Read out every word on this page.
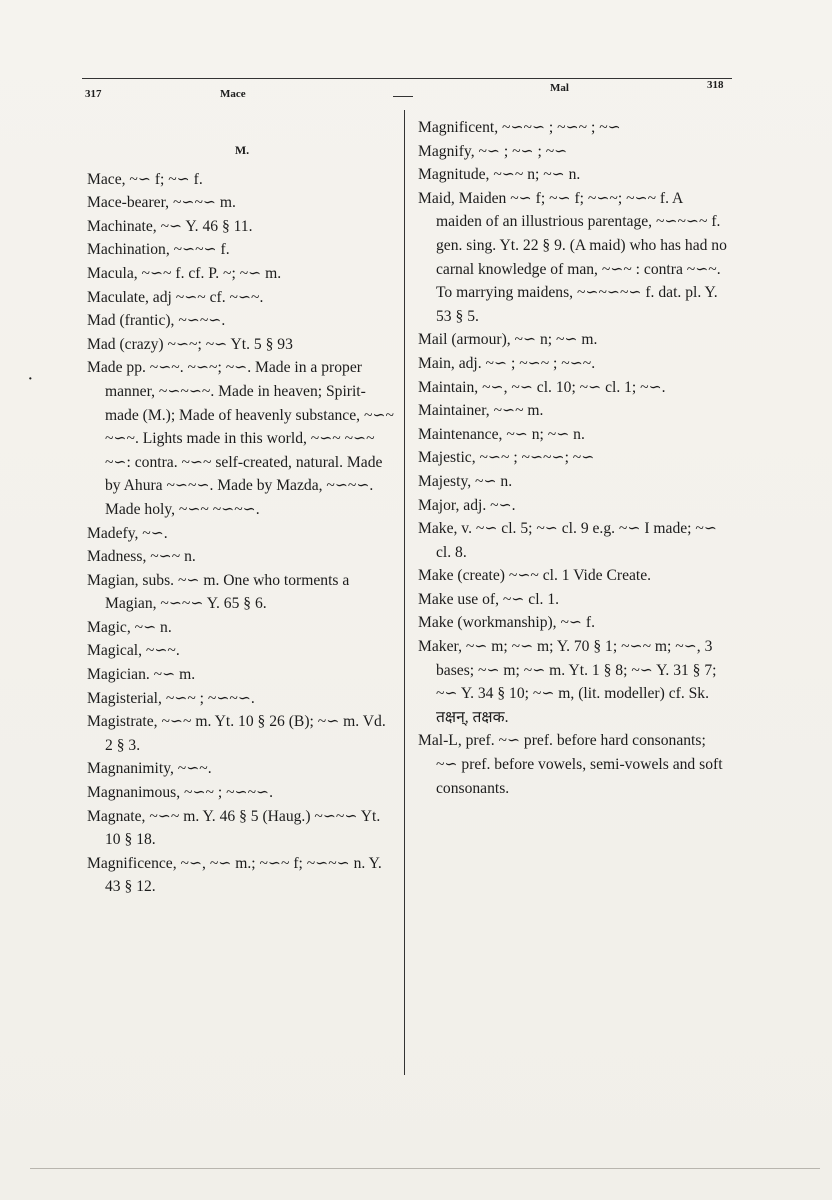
317	Mace	Mal	318
·
M.

Mace, ~∽ f; ~∽ f.

Mace-bearer, ~∽~∽ m.

Machinate, ~∽ Y. 46 § 11.

Machination, ~∽~∽ f.

Macula, ~∽~ f. cf. P. ~; ~∽ m.

Maculate, adj ~∽~ cf. ~∽~.

Mad (frantic), ~∽~∽.

Mad (crazy) ~∽~; ~∽ Yt. 5 § 93

Made pp. ~∽~. ~∽~; ~∽. Made in a proper manner, ~∽~∽~. Made in heaven; Spirit-made (M.); Made of heavenly substance, ~∽~ ~∽~. Lights made in this world, ~∽~ ~∽~ ~∽: contra. ~∽~ self-created, natural. Made by Ahura ~∽~∽. Made by Mazda, ~∽~∽. Made holy, ~∽~ ~∽~∽.

Madefy, ~∽.

Madness, ~∽~ n.

Magian, subs. ~∽ m. One who torments a Magian, ~∽~∽ Y. 65 § 6.

Magic, ~∽ n.

Magical, ~∽~.

Magician. ~∽ m.

Magisterial, ~∽~ ; ~∽~∽.

Magistrate, ~∽~ m. Yt. 10 § 26 (B); ~∽ m. Vd. 2 § 3.

Magnanimity, ~∽~.

Magnanimous, ~∽~ ; ~∽~∽.

Magnate, ~∽~ m. Y. 46 § 5 (Haug.) ~∽~∽ Yt. 10 § 18.

Magnificence, ~∽, ~∽ m.; ~∽~ f; ~∽~∽ n. Y. 43 § 12.

Magnificent, ~∽~∽ ; ~∽~ ; ~∽

Magnify, ~∽ ; ~∽ ; ~∽

Magnitude, ~∽~ n; ~∽ n.

Maid, Maiden ~∽ f; ~∽ f; ~∽~; ~∽~ f. A maiden of an illustrious parentage, ~∽~∽~ f. gen. sing. Yt. 22 § 9. (A maid) who has had no carnal knowledge of man, ~∽~ : contra ~∽~. To marrying maidens, ~∽~∽~∽ f. dat. pl. Y. 53 § 5.

Mail (armour), ~∽ n; ~∽ m.

Main, adj. ~∽ ; ~∽~ ; ~∽~.

Maintain, ~∽, ~∽ cl. 10; ~∽ cl. 1; ~∽.

Maintainer, ~∽~ m.

Maintenance, ~∽ n; ~∽ n.

Majestic, ~∽~ ; ~∽~∽; ~∽

Majesty, ~∽ n.

Major, adj. ~∽.

Make, v. ~∽ cl. 5; ~∽ cl. 9 e.g. ~∽ I made; ~∽ cl. 8.

Make (create) ~∽~ cl. 1 Vide Create.

Make use of, ~∽ cl. 1.

Make (workmanship), ~∽ f.

Maker, ~∽ m; ~∽ m; Y. 70 § 1; ~∽~ m; ~∽, 3 bases; ~∽ m; ~∽ m. Yt. 1 § 8; ~∽ Y. 31 § 7; ~∽ Y. 34 § 10; ~∽ m, (lit. modeller) cf. Sk. तक्षन्, तक्षक.

Mal-L, pref. ~∽ pref. before hard consonants; ~∽ pref. before vowels, semi-vowels and soft consonants.
